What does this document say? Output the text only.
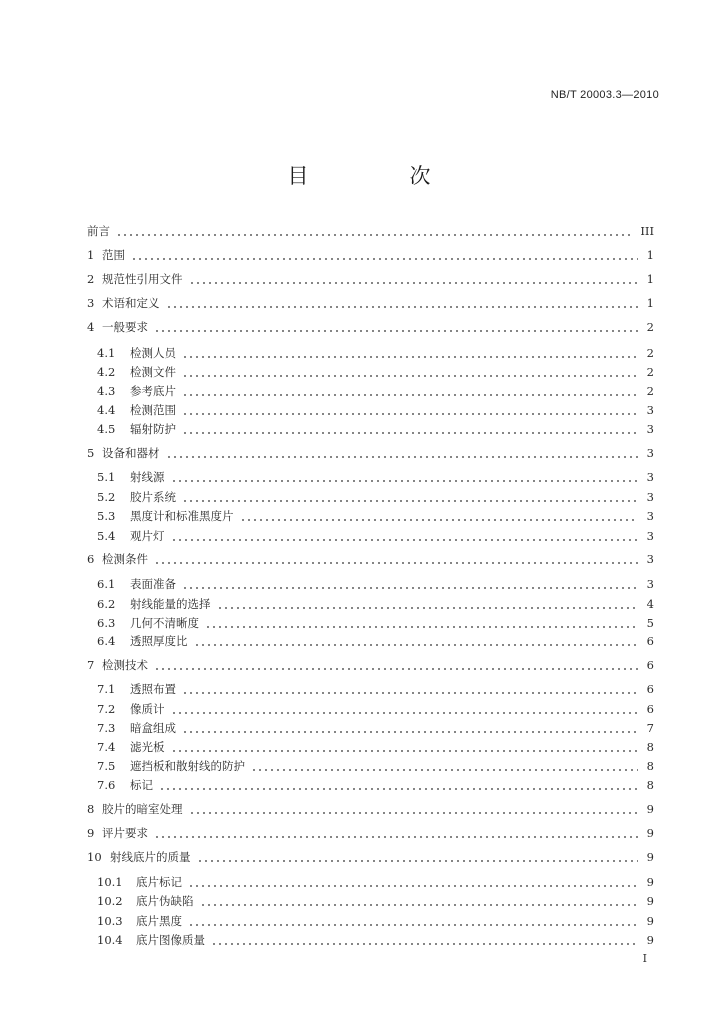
NB/T 20003.3—2010
目　次
前言	III
1 范围	1
2 规范性引用文件	1
3 术语和定义	1
4 一般要求	2
4.1	检测人员	2
4.2	检测文件	2
4.3	参考底片	2
4.4	检测范围	3
4.5	辐射防护	3
5 设备和器材	3
5.1	射线源	3
5.2	胶片系统	3
5.3	黑度计和标准黑度片	3
5.4	观片灯	3
6 检测条件	3
6.1	表面准备	3
6.2	射线能量的选择	4
6.3	几何不清晰度	5
6.4	透照厚度比	6
7 检测技术	6
7.1	透照布置	6
7.2	像质计	6
7.3	暗盒组成	7
7.4	滤光板	8
7.5	遮挡板和散射线的防护	8
7.6	标记	8
8 胶片的暗室处理	9
9 评片要求	9
10 射线底片的质量	9
10.1	底片标记	9
10.2	底片伪缺陷	9
10.3	底片黑度	9
10.4	底片图像质量	9
I
